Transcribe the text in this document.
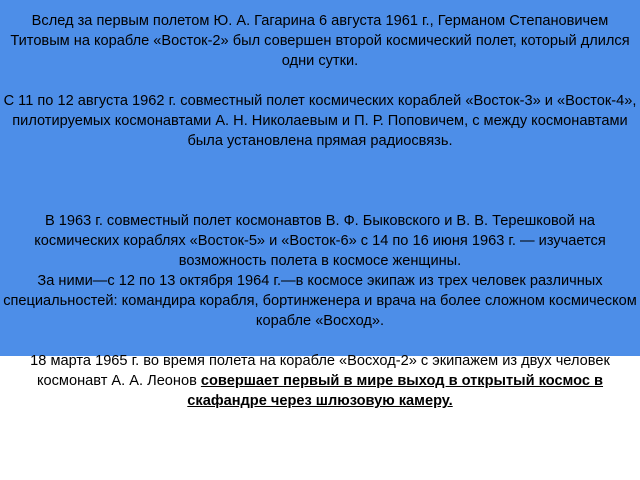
Вслед за первым полетом Ю. А. Гагарина 6 августа 1961 г., Германом Степановичем Титовым на корабле «Восток-2» был совершен второй космический полет, который длился одни сутки.

С 11 по 12 августа 1962 г. совместный полет космических кораблей «Восток-3» и «Восток-4», пилотируемых космонавтами А. Н. Николаевым и П. Р. Поповичем, с между космонавтами была установлена прямая радиосвязь.

В 1963 г. совместный полет космонавтов В. Ф. Быковского и В. В. Терешковой на космических кораблях «Восток-5» и «Восток-6» с 14 по 16 июня 1963 г. — изучается возможность полета в космосе женщины.

За ними—с 12 по 13 октября 1964 г.—в космосе экипаж из трех человек различных специальностей: командира корабля, бортинженера и врача на более сложном космическом корабле «Восход».

18 марта 1965 г. во время полета на корабле «Восход-2» с экипажем из двух человек космонавт А. А. Леонов совершает первый в мире выход в открытый космос в скафандре через шлюзовую камеру.
